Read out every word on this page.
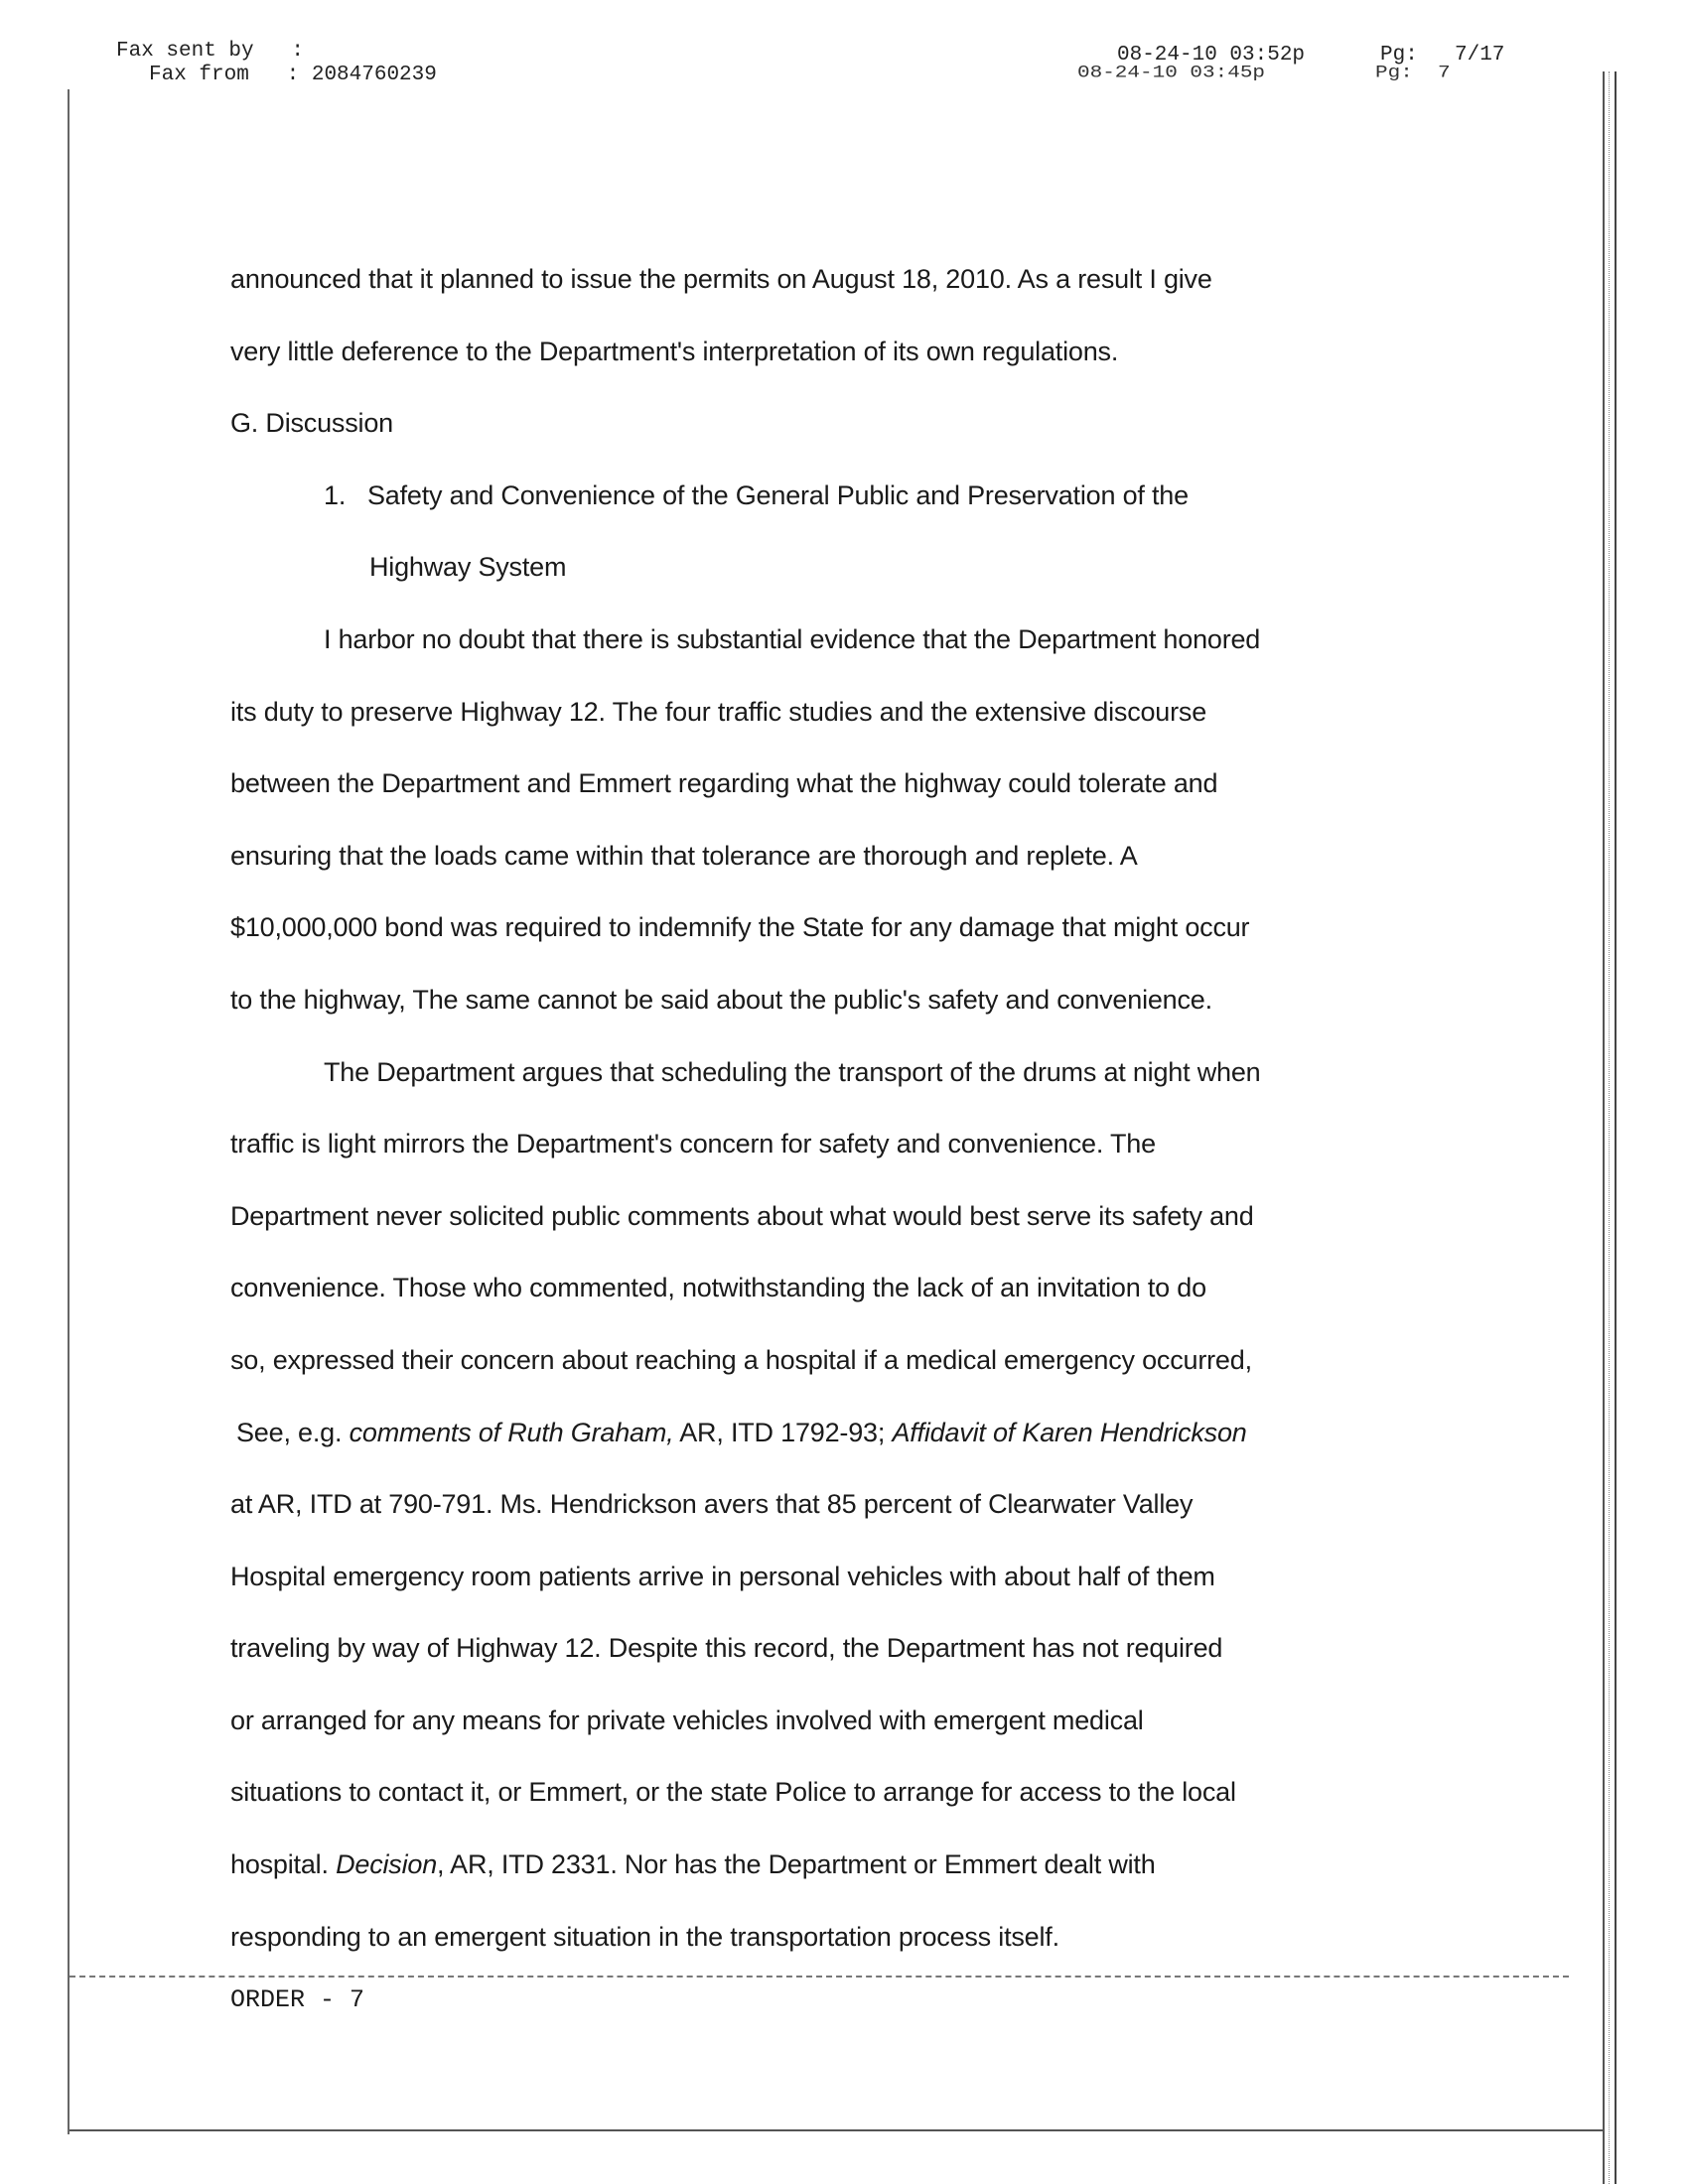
Fax sent by   :
Fax from   : 2084760239
08-24-10 03:52p	Pg: 7/17
08-24-10 03:45p	Pg:  7
announced that it planned to issue the permits on August 18, 2010. As a result I give
very little deference to the Department's interpretation of its own regulations.
G. Discussion
1. Safety and Convenience of the General Public and Preservation of the
Highway System
I harbor no doubt that there is substantial evidence that the Department honored
its duty to preserve Highway 12. The four traffic studies and the extensive discourse
between the Department and Emmert regarding what the highway could tolerate and
ensuring that the loads came within that tolerance are thorough and replete. A
$10,000,000 bond was required to indemnify the State for any damage that might occur
to the highway, The same cannot be said about the public's safety and convenience.
The Department argues that scheduling the transport of the drums at night when
traffic is light mirrors the Department's concern for safety and convenience. The
Department never solicited public comments about what would best serve its safety and
convenience. Those who commented, notwithstanding the lack of an invitation to do
so, expressed their concern about reaching a hospital if a medical emergency occurred,
See, e.g. comments of Ruth Graham, AR, ITD 1792-93; Affidavit of Karen Hendrickson
at AR, ITD at 790-791. Ms. Hendrickson avers that 85 percent of Clearwater Valley
Hospital emergency room patients arrive in personal vehicles with about half of them
traveling by way of Highway 12. Despite this record, the Department has not required
or arranged for any means for private vehicles involved with emergent medical
situations to contact it, or Emmert, or the state Police to arrange for access to the local
hospital. Decision, AR, ITD 2331. Nor has the Department or Emmert dealt with
responding to an emergent situation in the transportation process itself.
ORDER - 7
